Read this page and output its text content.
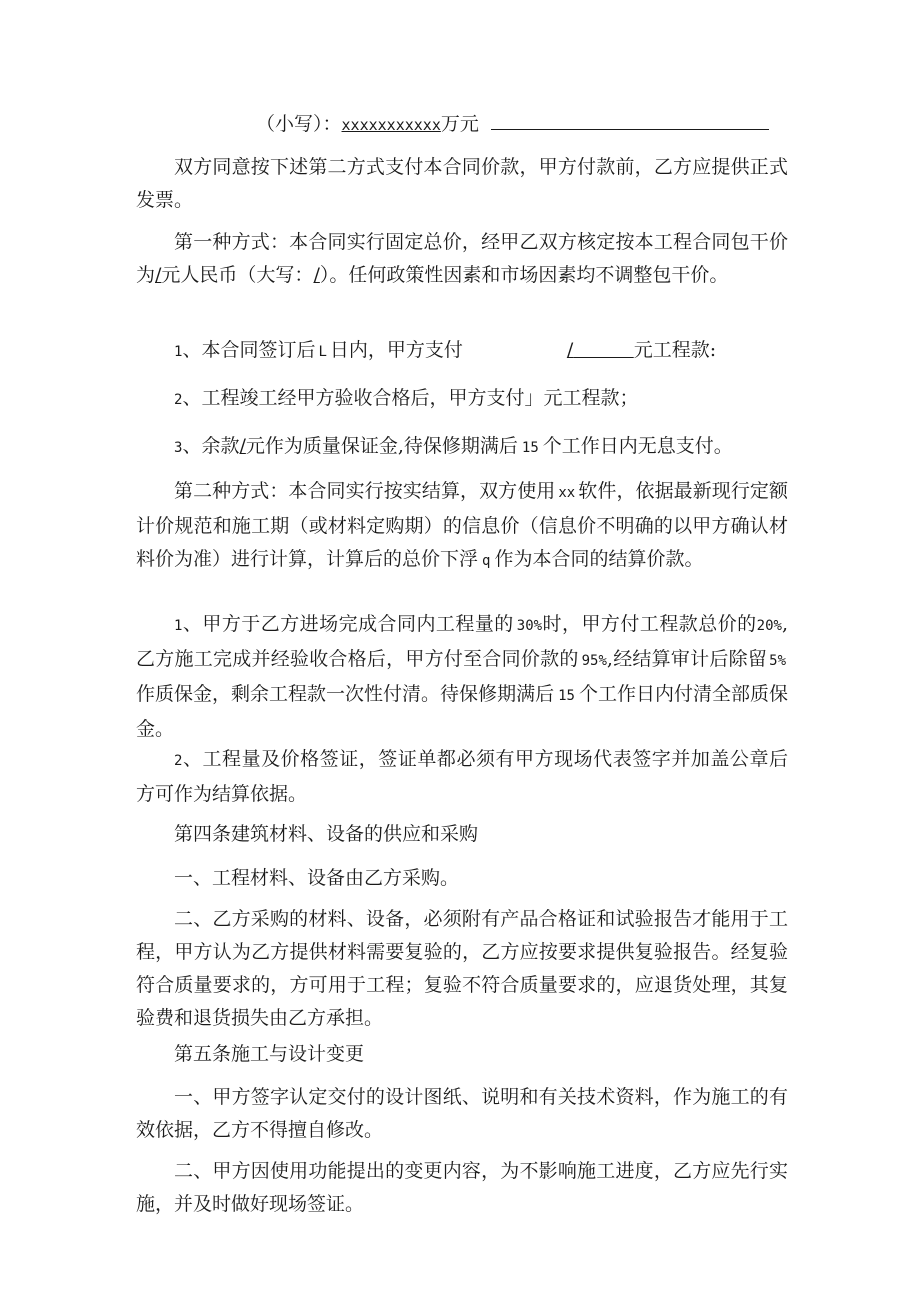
（小写）：xxxxxxxxxxx万元

双方同意按下述第二方式支付本合同价款，甲方付款前，乙方应提供正式发票。

第一种方式：本合同实行固定总价，经甲乙双方核定按本工程合同包干价为/元人民币（大写：/）。任何政策性因素和市场因素均不调整包干价。

1、本合同签订后 L 日内，甲方支付	/	元工程款:

2、工程竣工经甲方验收合格后，甲方支付」元工程款；

3、余款/元作为质量保证金,待保修期满后 15 个工作日内无息支付。

第二种方式：本合同实行按实结算，双方使用 xx 软件，依据最新现行定额计价规范和施工期（或材料定购期）的信息价（信息价不明确的以甲方确认材料价为准）进行计算，计算后的总价下浮 q 作为本合同的结算价款。

1、甲方于乙方进场完成合同内工程量的 30%时，甲方付工程款总价的20%,乙方施工完成并经验收合格后，甲方付至合同价款的 95%,经结算审计后除留 5%作质保金，剩余工程款一次性付清。待保修期满后 15 个工作日内付清全部质保金。

2、工程量及价格签证，签证单都必须有甲方现场代表签字并加盖公章后方可作为结算依据。

第四条建筑材料、设备的供应和采购

一、工程材料、设备由乙方采购。

二、乙方采购的材料、设备，必须附有产品合格证和试验报告才能用于工程，甲方认为乙方提供材料需要复验的，乙方应按要求提供复验报告。经复验符合质量要求的，方可用于工程；复验不符合质量要求的，应退货处理，其复验费和退货损失由乙方承担。

第五条施工与设计变更

一、甲方签字认定交付的设计图纸、说明和有关技术资料，作为施工的有效依据，乙方不得擅自修改。

二、甲方因使用功能提出的变更内容，为不影响施工进度，乙方应先行实施，并及时做好现场签证。
